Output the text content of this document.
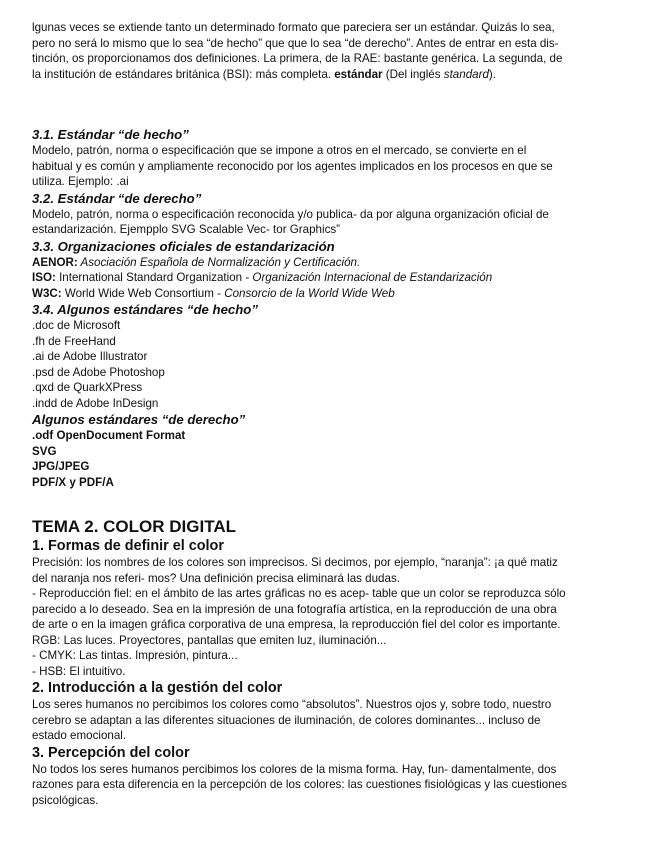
lgunas veces se extiende tanto un determinado formato que pareciera ser un estándar. Quizás lo sea,

pero no será lo mismo que lo sea “de hecho” que que lo sea “de derecho”. Antes de entrar en esta dis-

tinción, os proporcionamos dos definiciones. La primera, de la RAE: bastante genérica. La segunda, de

la institución de estándares británica (BSI): más completa. estándar (Del inglés standard).

3.1. Estándar “de hecho”

Modelo, patrón, norma o especificación que se impone a otros en el mercado, se convierte en el

habitual y es común y ampliamente reconocido por los agentes implicados en los procesos en que se

utiliza. Ejemplo: .ai

3.2. Estándar “de derecho”

Modelo, patrón, norma o especificación reconocida y/o publica- da por alguna organización oficial de

estandarización. Ejempplo SVG Scalable Vec- tor Graphics”

3.3. Organizaciones oficiales de estandarización

AENOR: Asociación Española de Normalización y Certificación.

ISO: International Standard Organization - Organización Internacional de Estandarización

W3C: World Wide Web Consortium - Consorcio de la World Wide Web

3.4. Algunos estándares “de hecho”

.doc de Microsoft

.fh de FreeHand

.ai de Adobe Illustrator

.psd de Adobe Photoshop

.qxd de QuarkXPress

.indd de Adobe InDesign

Algunos estándares “de derecho”

.odf OpenDocument Format

SVG

JPG/JPEG

PDF/X y PDF/A

TEMA 2. COLOR DIGITAL

1. Formas de definir el color

Precisión: los nombres de los colores son imprecisos. Si decimos, por ejemplo, “naranja”: ¡a qué matiz

del naranja nos referi- mos? Una definición precisa eliminará las dudas.

- Reproducción fiel: en el ámbito de las artes gráficas no es acep- table que un color se reproduzca sólo

parecido a lo deseado. Sea en la impresión de una fotografía artística, en la reproducción de una obra

de arte o en la imagen gráfica corporativa de una empresa, la reproducción fiel del color es importante.

RGB: Las luces. Proyectores, pantallas que emiten luz, iluminación...

- CMYK: Las tintas. Impresión, pintura...

- HSB: El intuitivo.

2. Introducción a la gestión del color

Los seres humanos no percibimos los colores como “absolutos”. Nuestros ojos y, sobre todo, nuestro

cerebro se adaptan a las diferentes situaciones de iluminación, de colores dominantes... incluso de

estado emocional.

3. Percepción del color

No todos los seres humanos percibimos los colores de la misma forma. Hay, fun- damentalmente, dos

razones para esta diferencia en la percepción de los colores: las cuestiones fisiológicas y las cuestiones

psicológicas.
